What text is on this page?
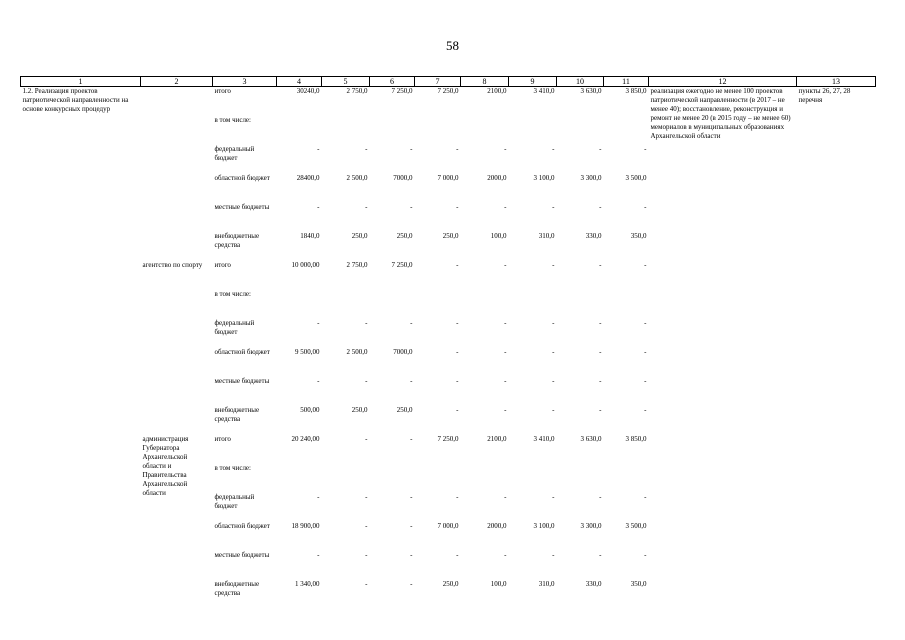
58
1	2	3	4	5	6	7	8	9	10	11	12	13
1.2. Реализация проектов патриотической направленности на основе конкурсных процедур		итого	30240,0	2 750,0	7 250,0	7 250,0	2100,0	3 410,0	3 630,0	3 850,0	реализация ежегодно не менее 100 проектов патриотической направленности (в 2017 – не менее 40); восстановление, реконструкция и ремонт не менее 20 (в 2015 году – не менее 60) мемориалов в муниципальных образованиях Архангельской области	пункты 26, 27, 28 перечня
		в том числе:										
		федеральный бюджет	-	-	-	-	-	-	-	-		
		областной бюджет	28400,0	2 500,0	7000,0	7 000,0	2000,0	3 100,0	3 300,0	3 500,0		
		местные бюджеты	-	-	-	-	-	-	-	-		
		внебюджетные средства	1840,0	250,0	250,0	250,0	100,0	310,0	330,0	350,0		
	агентство по спорту	итого	10 000,00	2 750,0	7 250,0	-	-	-	-	-		
		в том числе:										
		федеральный бюджет	-	-	-	-	-	-	-	-		
		областной бюджет	9 500,00	2 500,0	7000,0	-	-	-	-	-		
		местные бюджеты	-	-	-	-	-	-	-	-		
		внебюджетные средства	500,00	250,0	250,0	-	-	-	-	-		
	администрация Губернатора Архангельской области и Правительства Архангельской области	итого	20 240,00	-	-	7 250,0	2100,0	3 410,0	3 630,0	3 850,0		
		в том числе:										
		федеральный бюджет	-	-	-	-	-	-	-	-		
		областной бюджет	18 900,00	-	-	7 000,0	2000,0	3 100,0	3 300,0	3 500,0		
		местные бюджеты	-	-	-	-	-	-	-	-		
		внебюджетные средства	1 340,00	-	-	250,0	100,0	310,0	330,0	350,0		
